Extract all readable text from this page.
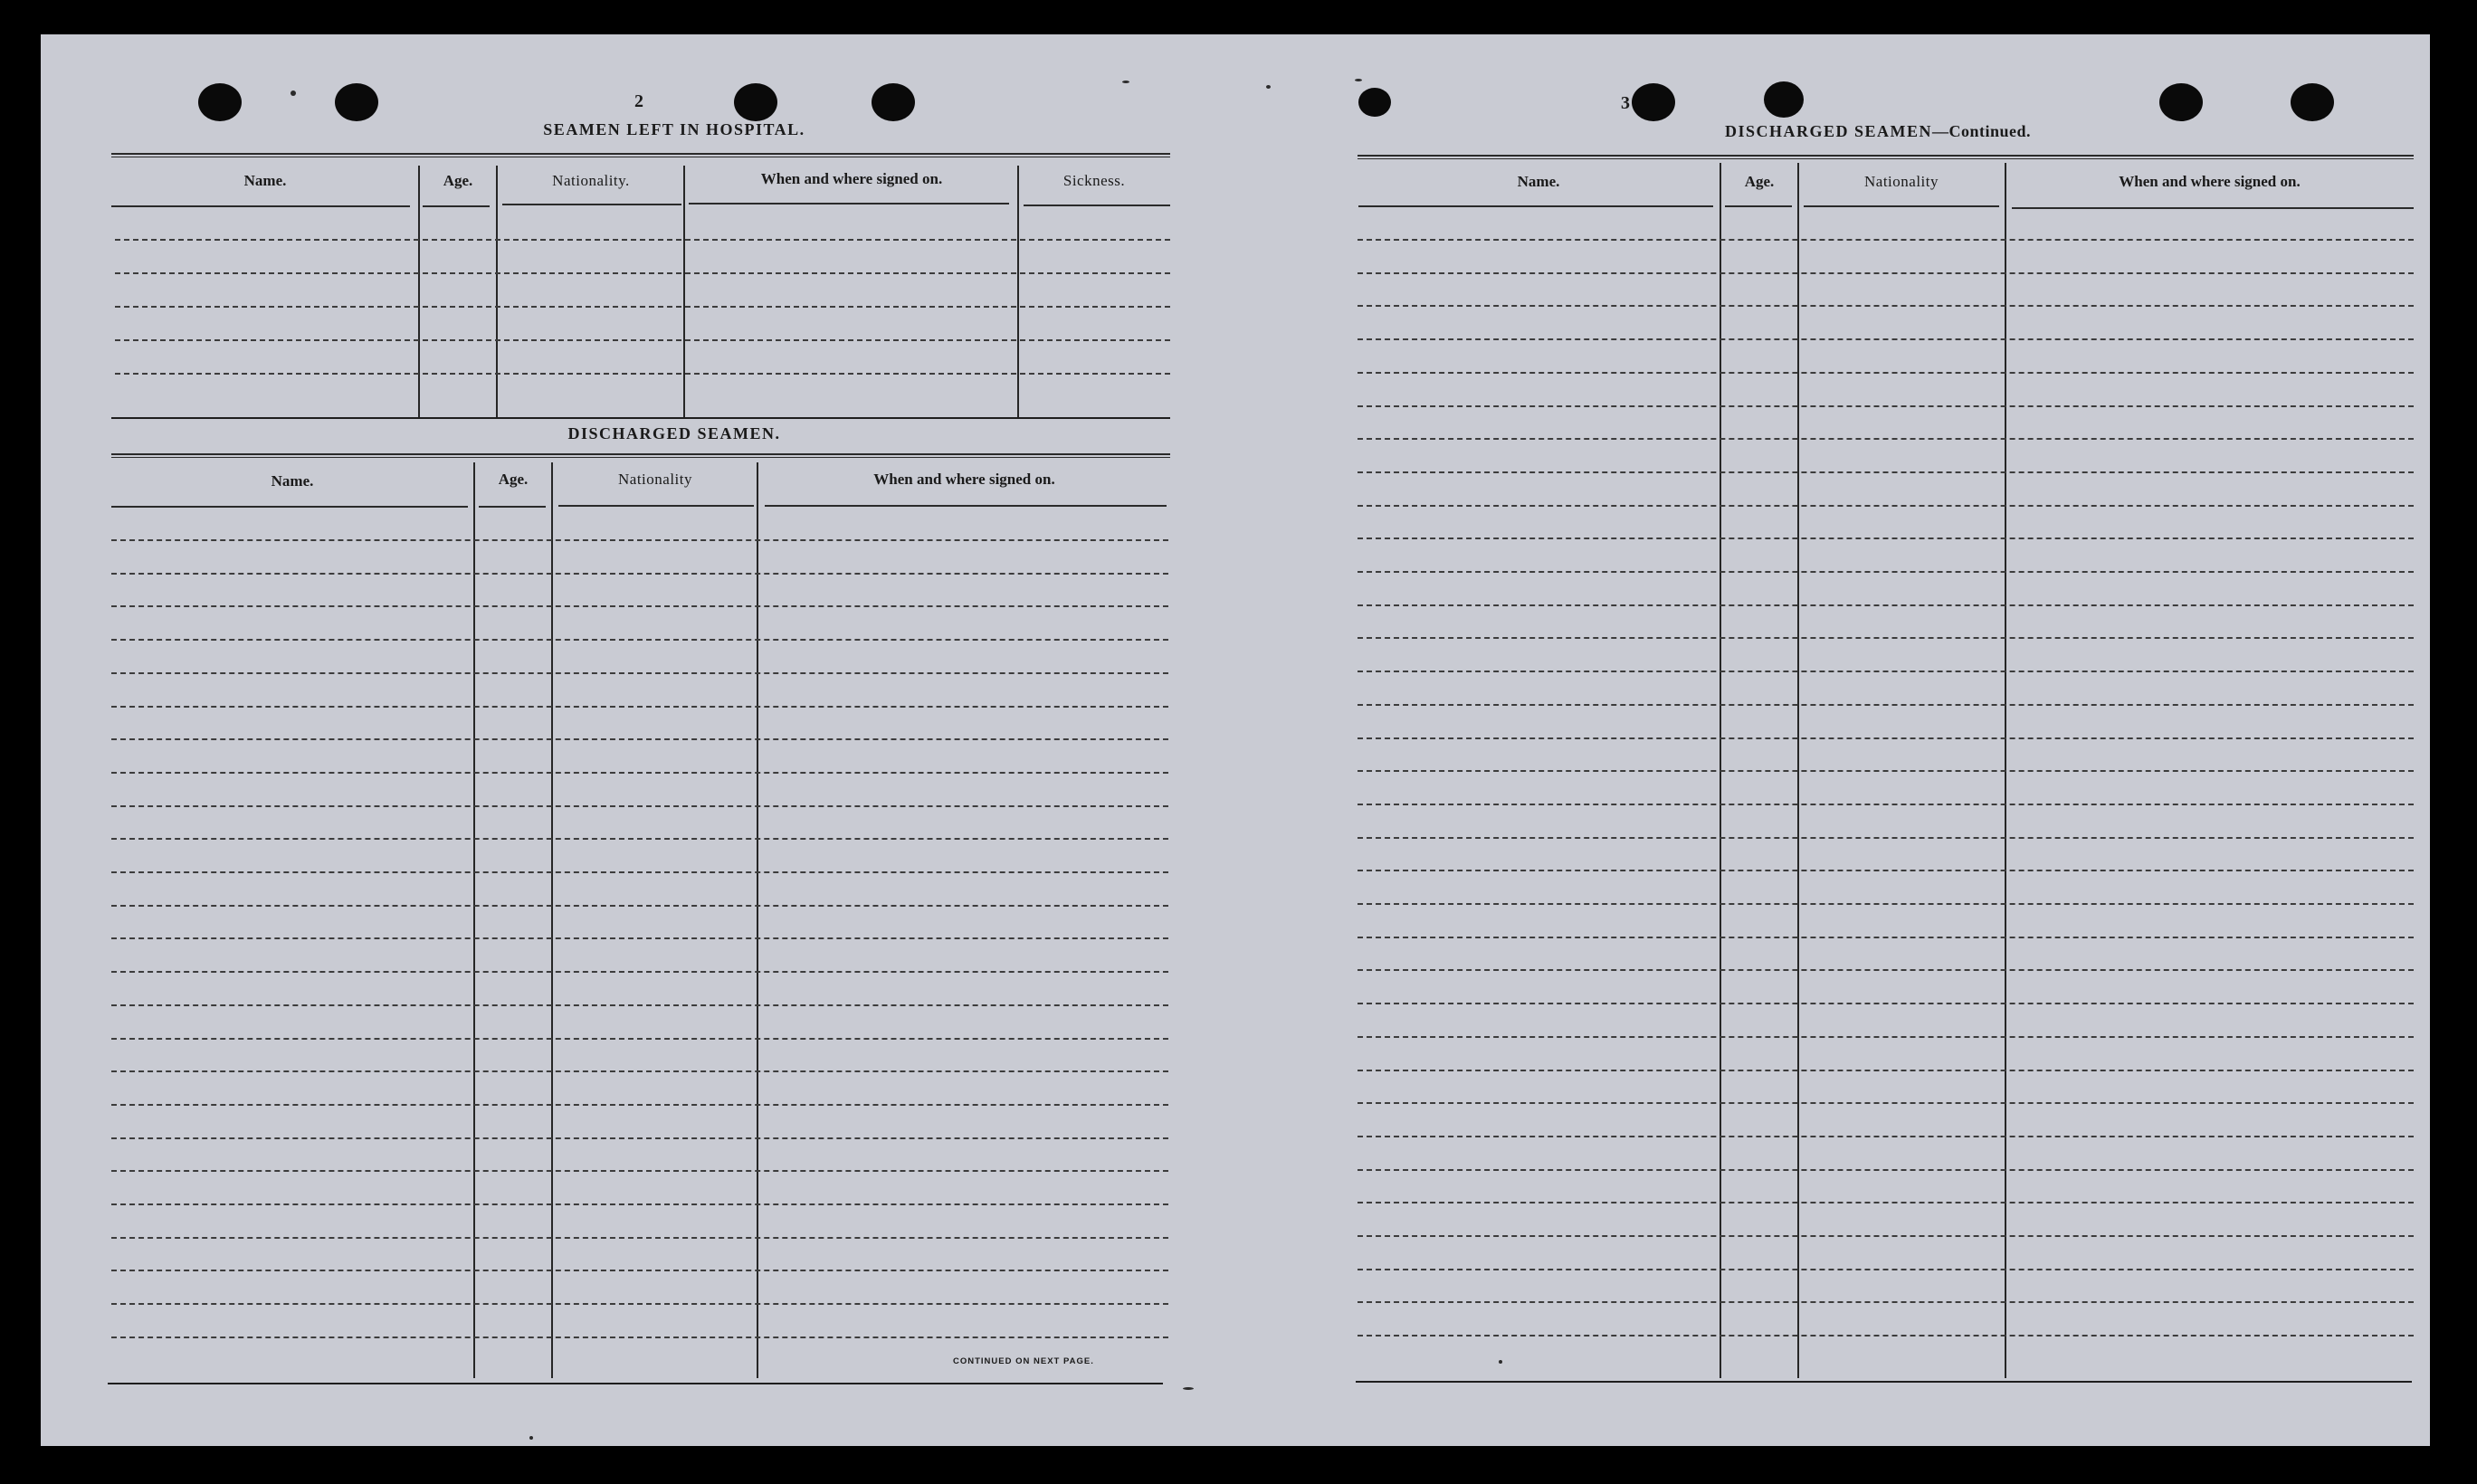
2
SEAMEN LEFT IN HOSPITAL.
Name.	Age.	Nationality.	When and where signed on.	Sickness.
DISCHARGED SEAMEN.
Name.	Age.	Nationality	When and where signed on.
CONTINUED ON NEXT PAGE.
3
DISCHARGED SEAMEN—Continued.
Name.	Age.	Nationality	When and where signed on.
